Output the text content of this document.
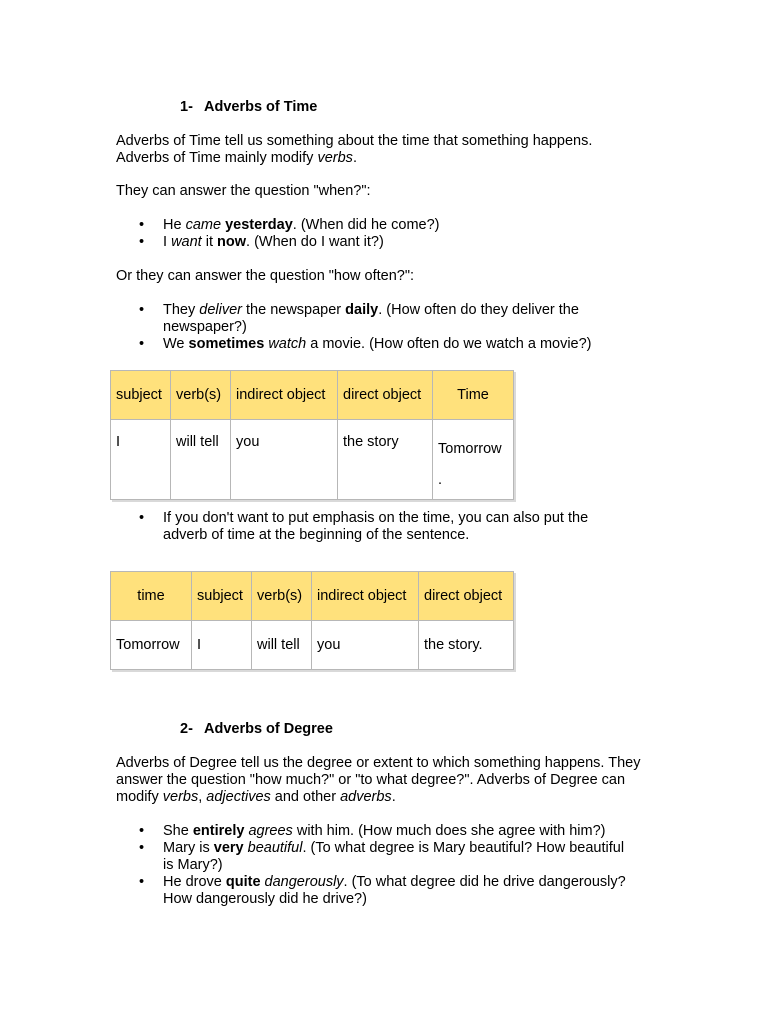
1- Adverbs of Time

Adverbs of Time tell us something about the time that something happens.
Adverbs of Time mainly modify verbs.

They can answer the question "when?":

• He came yesterday. (When did he come?)
• I want it now. (When do I want it?)

Or they can answer the question "how often?":

• They deliver the newspaper daily. (How often do they deliver the newspaper?)
• We sometimes watch a movie. (How often do we watch a movie?)
subject	verb(s)	indirect object	direct object	Time
I	will tell	you	the story	Tomorrow
.
• If you don't want to put emphasis on the time, you can also put the adverb of time at the beginning of the sentence.
time	subject	verb(s)	indirect object	direct object
Tomorrow	I	will tell	you	the story.

2- Adverbs of Degree

Adverbs of Degree tell us the degree or extent to which something happens. They answer the question "how much?" or "to what degree?". Adverbs of Degree can modify verbs, adjectives and other adverbs.

• She entirely agrees with him. (How much does she agree with him?)
• Mary is very beautiful. (To what degree is Mary beautiful? How beautiful is Mary?)
• He drove quite dangerously. (To what degree did he drive dangerously? How dangerously did he drive?)
